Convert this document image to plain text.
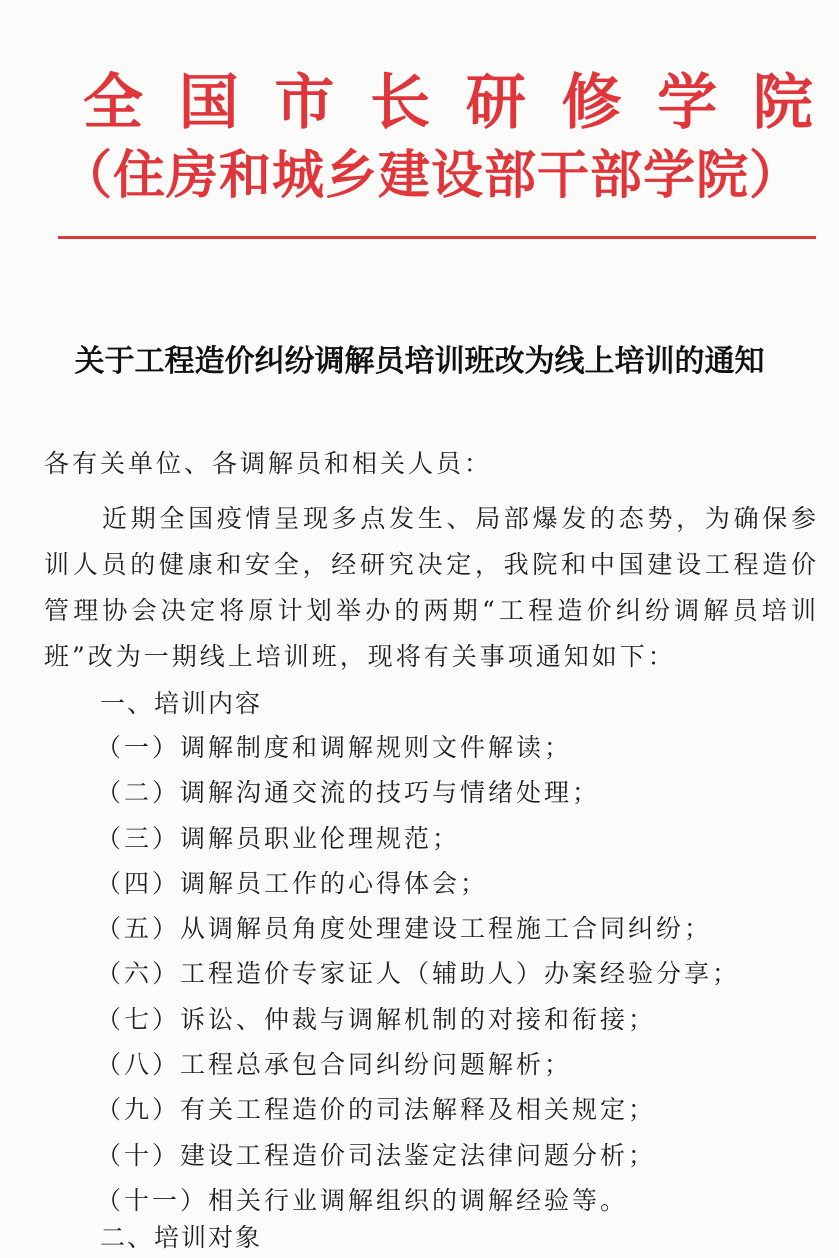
全 国 市 长 研 修 学 院
（住房和城乡建设部干部学院）
关于工程造价纠纷调解员培训班改为线上培训的通知
各有关单位、各调解员和相关人员：
近期全国疫情呈现多点发生、局部爆发的态势，为确保参训人员的健康和安全，经研究决定，我院和中国建设工程造价管理协会决定将原计划举办的两期“工程造价纠纷调解员培训班”改为一期线上培训班，现将有关事项通知如下：
一、培训内容
（一）调解制度和调解规则文件解读；
（二）调解沟通交流的技巧与情绪处理；
（三）调解员职业伦理规范；
（四）调解员工作的心得体会；
（五）从调解员角度处理建设工程施工合同纠纷；
（六）工程造价专家证人（辅助人）办案经验分享；
（七）诉讼、仲裁与调解机制的对接和衔接；
（八）工程总承包合同纠纷问题解析；
（九）有关工程造价的司法解释及相关规定；
（十）建设工程造价司法鉴定法律问题分析；
（十一）相关行业调解组织的调解经验等。
二、培训对象
